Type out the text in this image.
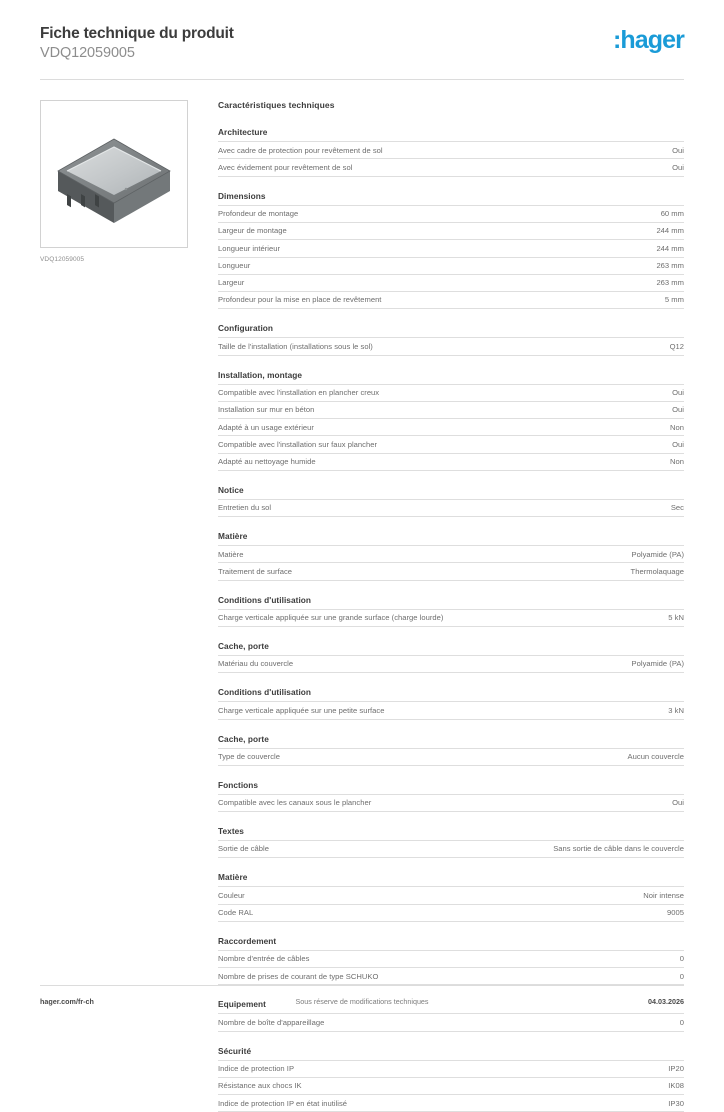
Fiche technique du produit
VDQ12059005	:hager
VDQ12059005
Caractéristiques techniques
Architecture
Avec cadre de protection pour revêtement de sol	Oui
Avec évidement pour revêtement de sol	Oui
Dimensions
Profondeur de montage	60 mm
Largeur de montage	244 mm
Longueur intérieur	244 mm
Longueur	263 mm
Largeur	263 mm
Profondeur pour la mise en place de revêtement	5 mm
Configuration
Taille de l'installation (installations sous le sol)	Q12
Installation, montage
Compatible avec l'installation en plancher creux	Oui
Installation sur mur en béton	Oui
Adapté à un usage extérieur	Non
Compatible avec l'installation sur faux plancher	Oui
Adapté au nettoyage humide	Non
Notice
Entretien du sol	Sec
Matière
Matière	Polyamide (PA)
Traitement de surface	Thermolaquage
Conditions d'utilisation
Charge verticale appliquée sur une grande surface (charge lourde)	5 kN
Cache, porte
Matériau du couvercle	Polyamide (PA)
Conditions d'utilisation
Charge verticale appliquée sur une petite surface	3 kN
Cache, porte
Type de couvercle	Aucun couvercle
Fonctions
Compatible avec les canaux sous le plancher	Oui
Textes
Sortie de câble	Sans sortie de câble dans le couvercle
Matière
Couleur	Noir intense
Code RAL	9005
Raccordement
Nombre d'entrée de câbles	0
Nombre de prises de courant de type SCHUKO	0
Equipement
Nombre de boîte d'appareillage	0
Sécurité
Indice de protection IP	IP20
Résistance aux chocs IK	IK08
Indice de protection IP en état inutilisé	IP30
hager.com/fr-ch	Sous réserve de modifications techniques	04.03.2026
